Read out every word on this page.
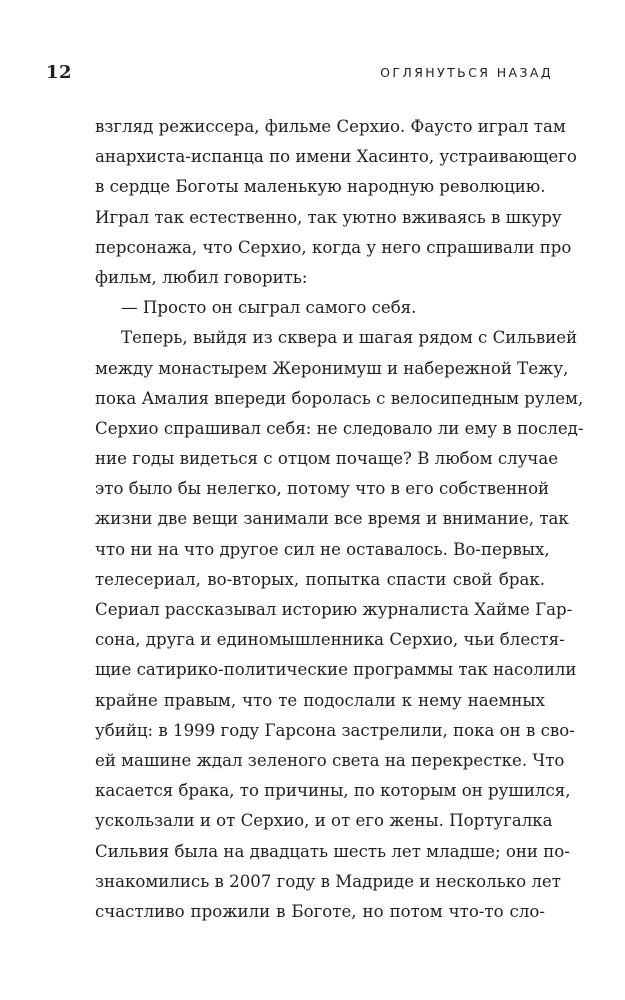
12	ОГЛЯНУТЬСЯ НАЗАД
взгляд режиссера, фильме Серхио. Фаусто играл там
анархиста-испанца по имени Хасинто, устраивающего
в сердце Боготы маленькую народную революцию.
Играл так естественно, так уютно вживаясь в шкуру
персонажа, что Серхио, когда у него спрашивали про
фильм, любил говорить:
— Просто он сыграл самого себя.
Теперь, выйдя из сквера и шагая рядом с Сильвией
между монастырем Жеронимуш и набережной Тежу,
пока Амалия впереди боролась с велосипедным рулем,
Серхио спрашивал себя: не следовало ли ему в послед-
ние годы видеться с отцом почаще? В любом случае
это было бы нелегко, потому что в его собственной
жизни две вещи занимали все время и внимание, так
что ни на что другое сил не оставалось. Во-первых,
телесериал, во-вторых, попытка спасти свой брак.
Сериал рассказывал историю журналиста Хайме Гар-
сона, друга и единомышленника Серхио, чьи блестя-
щие сатирико-политические программы так насолили
крайне правым, что те подослали к нему наемных
убийц: в 1999 году Гарсона застрелили, пока он в сво-
ей машине ждал зеленого света на перекрестке. Что
касается брака, то причины, по которым он рушился,
ускользали и от Серхио, и от его жены. Португалка
Сильвия была на двадцать шесть лет младше; они по-
знакомились в 2007 году в Мадриде и несколько лет
счастливо прожили в Боготе, но потом что-то сло-
